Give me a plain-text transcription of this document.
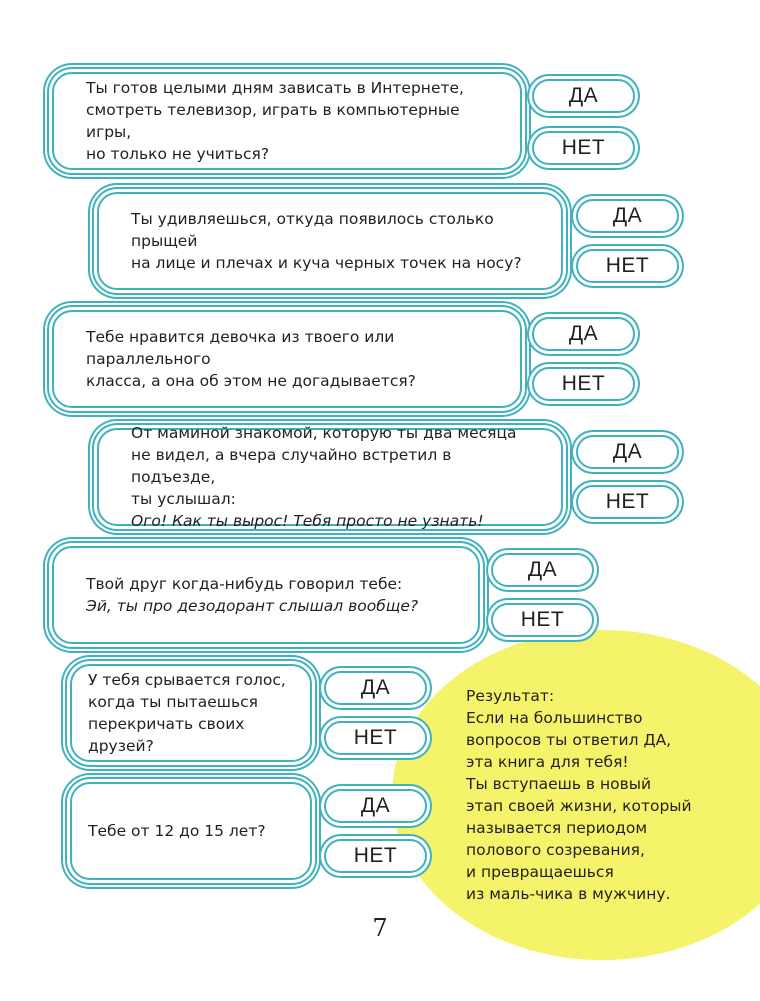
Ты готов целыми дням зависать в Интернете,
смотреть телевизор, играть в компьютерные игры,
но только не учиться?
ДА
НЕТ
Ты удивляешься, откуда появилось столько прыщей
на лице и плечах и куча черных точек на носу?
ДА
НЕТ
Тебе нравится девочка из твоего или параллельного
класса, а она об этом не догадывается?
ДА
НЕТ
От маминой знакомой, которую ты два месяца
не видел, а вчера случайно встретил в подъезде,
ты услышал:
Ого! Как ты вырос! Тебя просто не узнать!
ДА
НЕТ
Твой друг когда-нибудь говорил тебе:
Эй, ты про дезодорант слышал вообще?
ДА
НЕТ
У тебя срывается голос,
когда ты пытаешься
перекричать своих друзей?
ДА
НЕТ
Тебе от 12 до 15 лет?
ДА
НЕТ
Результат:
Если на большинство
вопросов ты ответил ДА,
эта книга для тебя!
Ты вступаешь в новый
этап своей жизни, который
называется периодом
полового созревания,
и превращаешься
из маль-чика в мужчину.
7
